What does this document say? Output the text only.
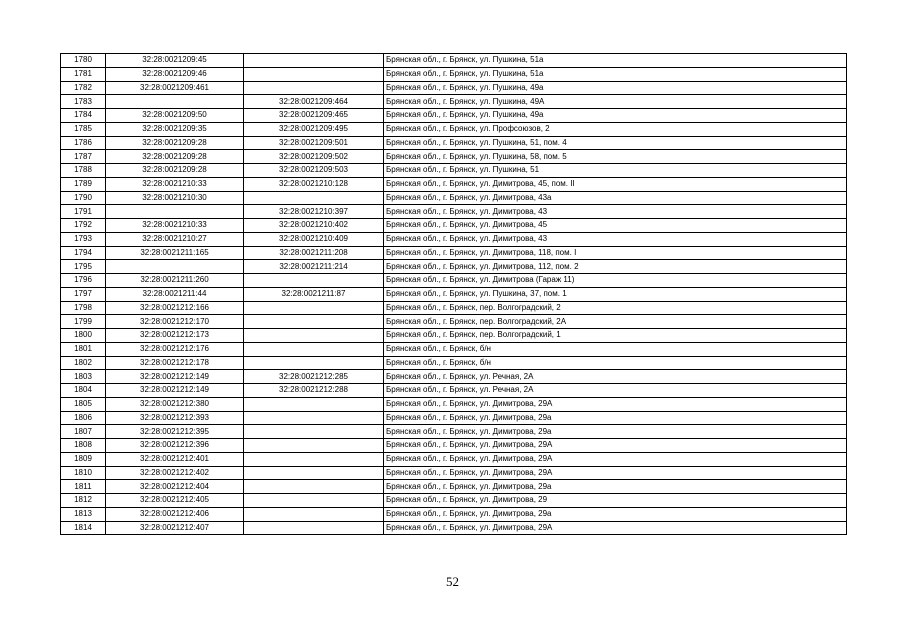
1780	32:28:0021209:45		Брянская обл., г. Брянск, ул. Пушкина, 51а
1781	32:28:0021209:46		Брянская обл., г. Брянск, ул. Пушкина, 51а
1782	32:28:0021209:461		Брянская обл., г. Брянск, ул. Пушкина, 49а
1783		32:28:0021209:464	Брянская обл., г. Брянск, ул. Пушкина, 49А
1784	32:28:0021209:50	32:28:0021209:465	Брянская обл., г. Брянск, ул. Пушкина, 49а
1785	32:28:0021209:35	32:28:0021209:495	Брянская обл., г. Брянск, ул. Профсоюзов, 2
1786	32:28:0021209:28	32:28:0021209:501	Брянская обл., г. Брянск, ул. Пушкина, 51, пом. 4
1787	32:28:0021209:28	32:28:0021209:502	Брянская обл., г. Брянск, ул. Пушкина, 58, пом. 5
1788	32:28:0021209:28	32:28:0021209:503	Брянская обл., г. Брянск, ул. Пушкина, 51
1789	32:28:0021210:33	32:28:0021210:128	Брянская обл., г. Брянск, ул. Димитрова, 45, пом. II
1790	32:28:0021210:30		Брянская обл., г. Брянск, ул. Димитрова, 43а
1791		32:28:0021210:397	Брянская обл., г. Брянск, ул. Димитрова, 43
1792	32:28:0021210:33	32:28:0021210:402	Брянская обл., г. Брянск, ул. Димитрова, 45
1793	32:28:0021210:27	32:28:0021210:409	Брянская обл., г. Брянск, ул. Димитрова, 43
1794	32:28:0021211:165	32:28:0021211:208	Брянская обл., г. Брянск, ул. Димитрова, 118, пом. I
1795		32:28:0021211:214	Брянская обл., г. Брянск, ул. Димитрова, 112, пом. 2
1796	32:28:0021211:260		Брянская обл., г. Брянск, ул. Димитрова (Гараж 11)
1797	32:28:0021211:44	32:28:0021211:87	Брянская обл., г. Брянск, ул. Пушкина, 37, пом. 1
1798	32:28:0021212:166		Брянская обл., г. Брянск, пер. Волгоградский, 2
1799	32:28:0021212:170		Брянская обл., г. Брянск, пер. Волгоградский, 2А
1800	32:28:0021212:173		Брянская обл., г. Брянск, пер. Волгоградский, 1
1801	32:28:0021212:176		Брянская обл., г. Брянск, б/н
1802	32:28:0021212:178		Брянская обл., г. Брянск, б/н
1803	32:28:0021212:149	32:28:0021212:285	Брянская обл., г. Брянск, ул. Речная, 2А
1804	32:28:0021212:149	32:28:0021212:288	Брянская обл., г. Брянск, ул. Речная, 2А
1805	32:28:0021212:380		Брянская обл., г. Брянск, ул. Димитрова, 29А
1806	32:28:0021212:393		Брянская обл., г. Брянск, ул. Димитрова, 29а
1807	32:28:0021212:395		Брянская обл., г. Брянск, ул. Димитрова, 29а
1808	32:28:0021212:396		Брянская обл., г. Брянск, ул. Димитрова, 29А
1809	32:28:0021212:401		Брянская обл., г. Брянск, ул. Димитрова, 29А
1810	32:28:0021212:402		Брянская обл., г. Брянск, ул. Димитрова, 29А
1811	32:28:0021212:404		Брянская обл., г. Брянск, ул. Димитрова, 29а
1812	32:28:0021212:405		Брянская обл., г. Брянск, ул. Димитрова, 29
1813	32:28:0021212:406		Брянская обл., г. Брянск, ул. Димитрова, 29а
1814	32:28:0021212:407		Брянская обл., г. Брянск, ул. Димитрова, 29А
52
